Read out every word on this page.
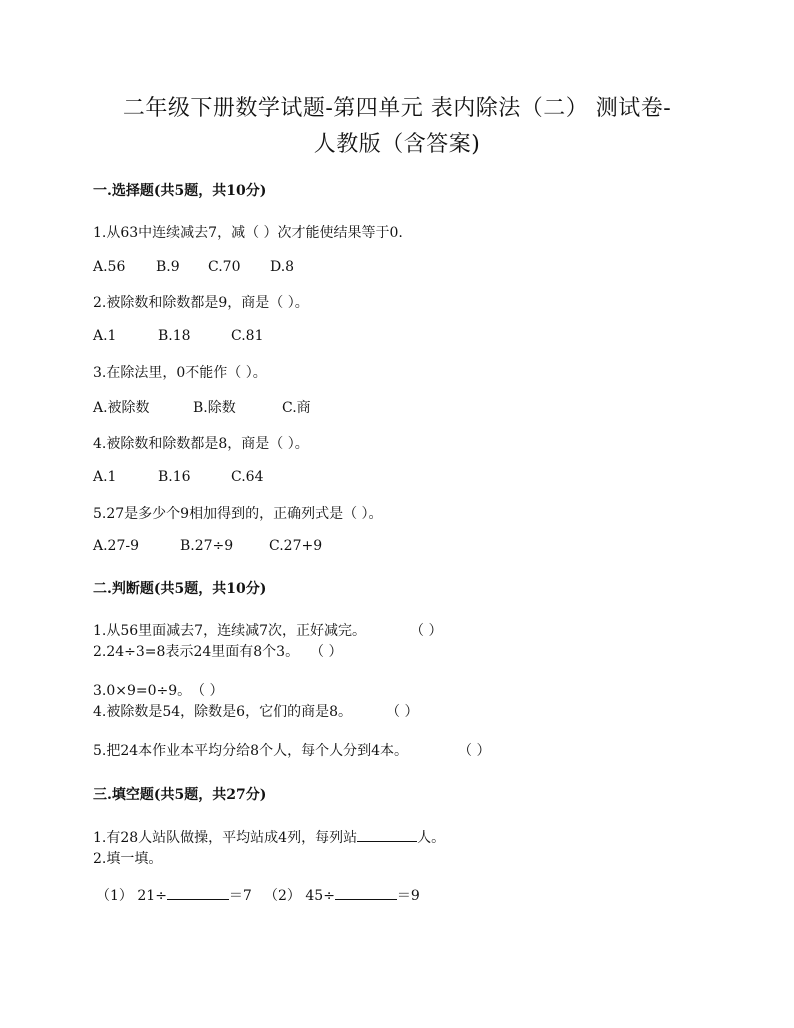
二年级下册数学试题-第四单元 表内除法（二） 测试卷-
人教版（含答案)
一.选择题(共5题，共10分)
1.从63中连续减去7，减（ ）次才能使结果等于0.
A.56 B.9 C.70 D.8
2.被除数和除数都是9，商是（ ）。
A.1	B.18	C.81
3.在除法里，0不能作（ ）。
A.被除数	B.除数	C.商
4.被除数和除数都是8，商是（ ）。
A.1	B.16	C.64
5.27是多少个9相加得到的，正确列式是（ ）。
A.27-9	B.27÷9	C.27+9
二.判断题(共5题，共10分)
1.从56里面减去7，连续减7次，正好减完。	（ ）
2.24÷3=8表示24里面有8个3。 （ ）
3.0×9=0÷9。 （ ）
4.被除数是54，除数是6，它们的商是8。 （ ）
5.把24本作业本平均分给8个人，每个人分到4本。	（ ）
三.填空题(共5题，共27分)
1.有28人站队做操，平均站成4列，每列站	人。
2.填一填。
（1） 21÷	＝7 （2） 45÷	＝9
